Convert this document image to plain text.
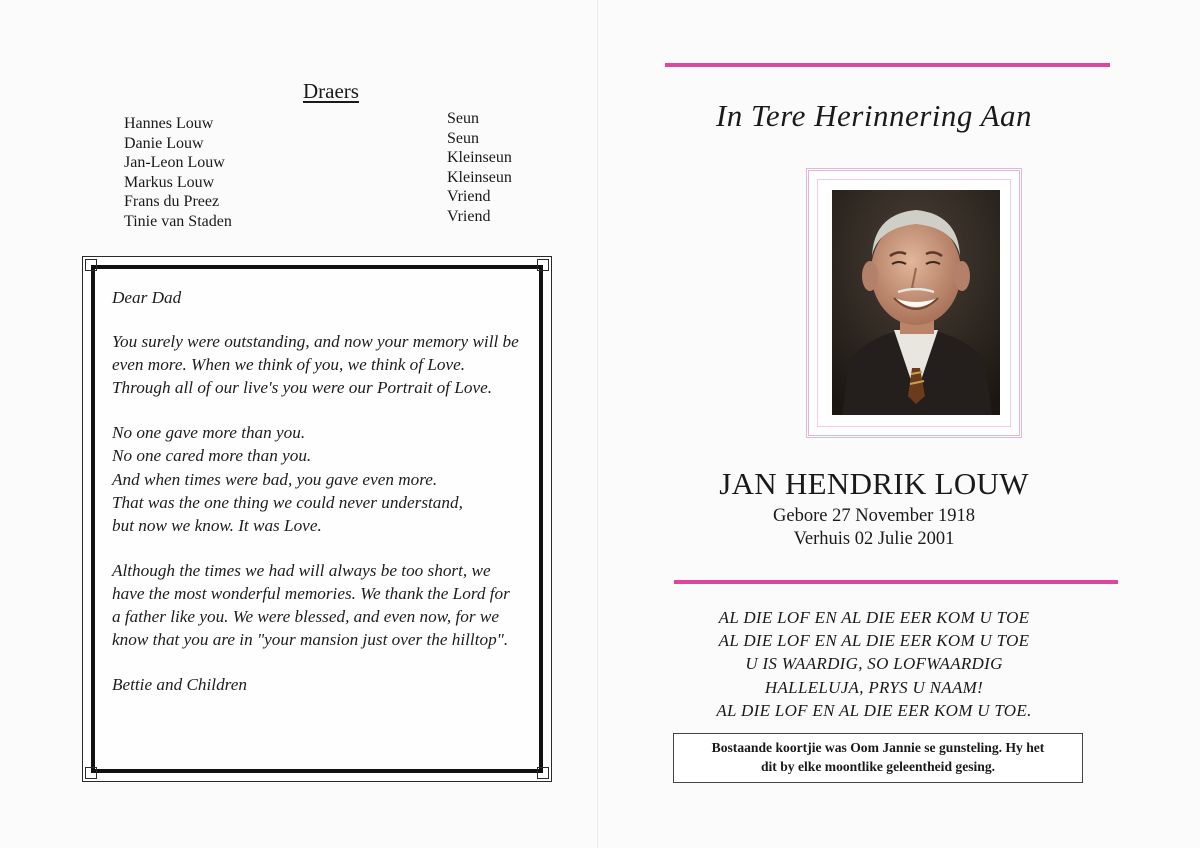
Draers
Hannes Louw	Seun
Danie Louw	Seun
Jan-Leon Louw	Kleinseun
Markus Louw	Kleinseun
Frans du Preez	Vriend
Tinie van Staden	Vriend

Dear Dad

You surely were outstanding, and now your memory will be even more. When we think of you, we think of Love. Through all of our live's you were our Portrait of Love.

No one gave more than you.
No one cared more than you.
And when times were bad, you gave even more.
That was the one thing we could never understand,
but now we know. It was Love.

Although the times we had will always be too short, we have the most wonderful memories. We thank the Lord for a father like you. We were blessed, and even now, for we know that you are in "your mansion just over the hilltop".

Bettie and Children

In Tere Herinnering Aan
JAN HENDRIK LOUW
Gebore 27 November 1918
Verhuis 02 Julie 2001
AL DIE LOF EN AL DIE EER KOM U TOE
AL DIE LOF EN AL DIE EER KOM U TOE
U IS WAARDIG, SO LOFWAARDIG
HALLELUJA, PRYS U NAAM!
AL DIE LOF EN AL DIE EER KOM U TOE.
Bostaande koortjie was Oom Jannie se gunsteling. Hy het
dit by elke moontlike geleentheid gesing.
